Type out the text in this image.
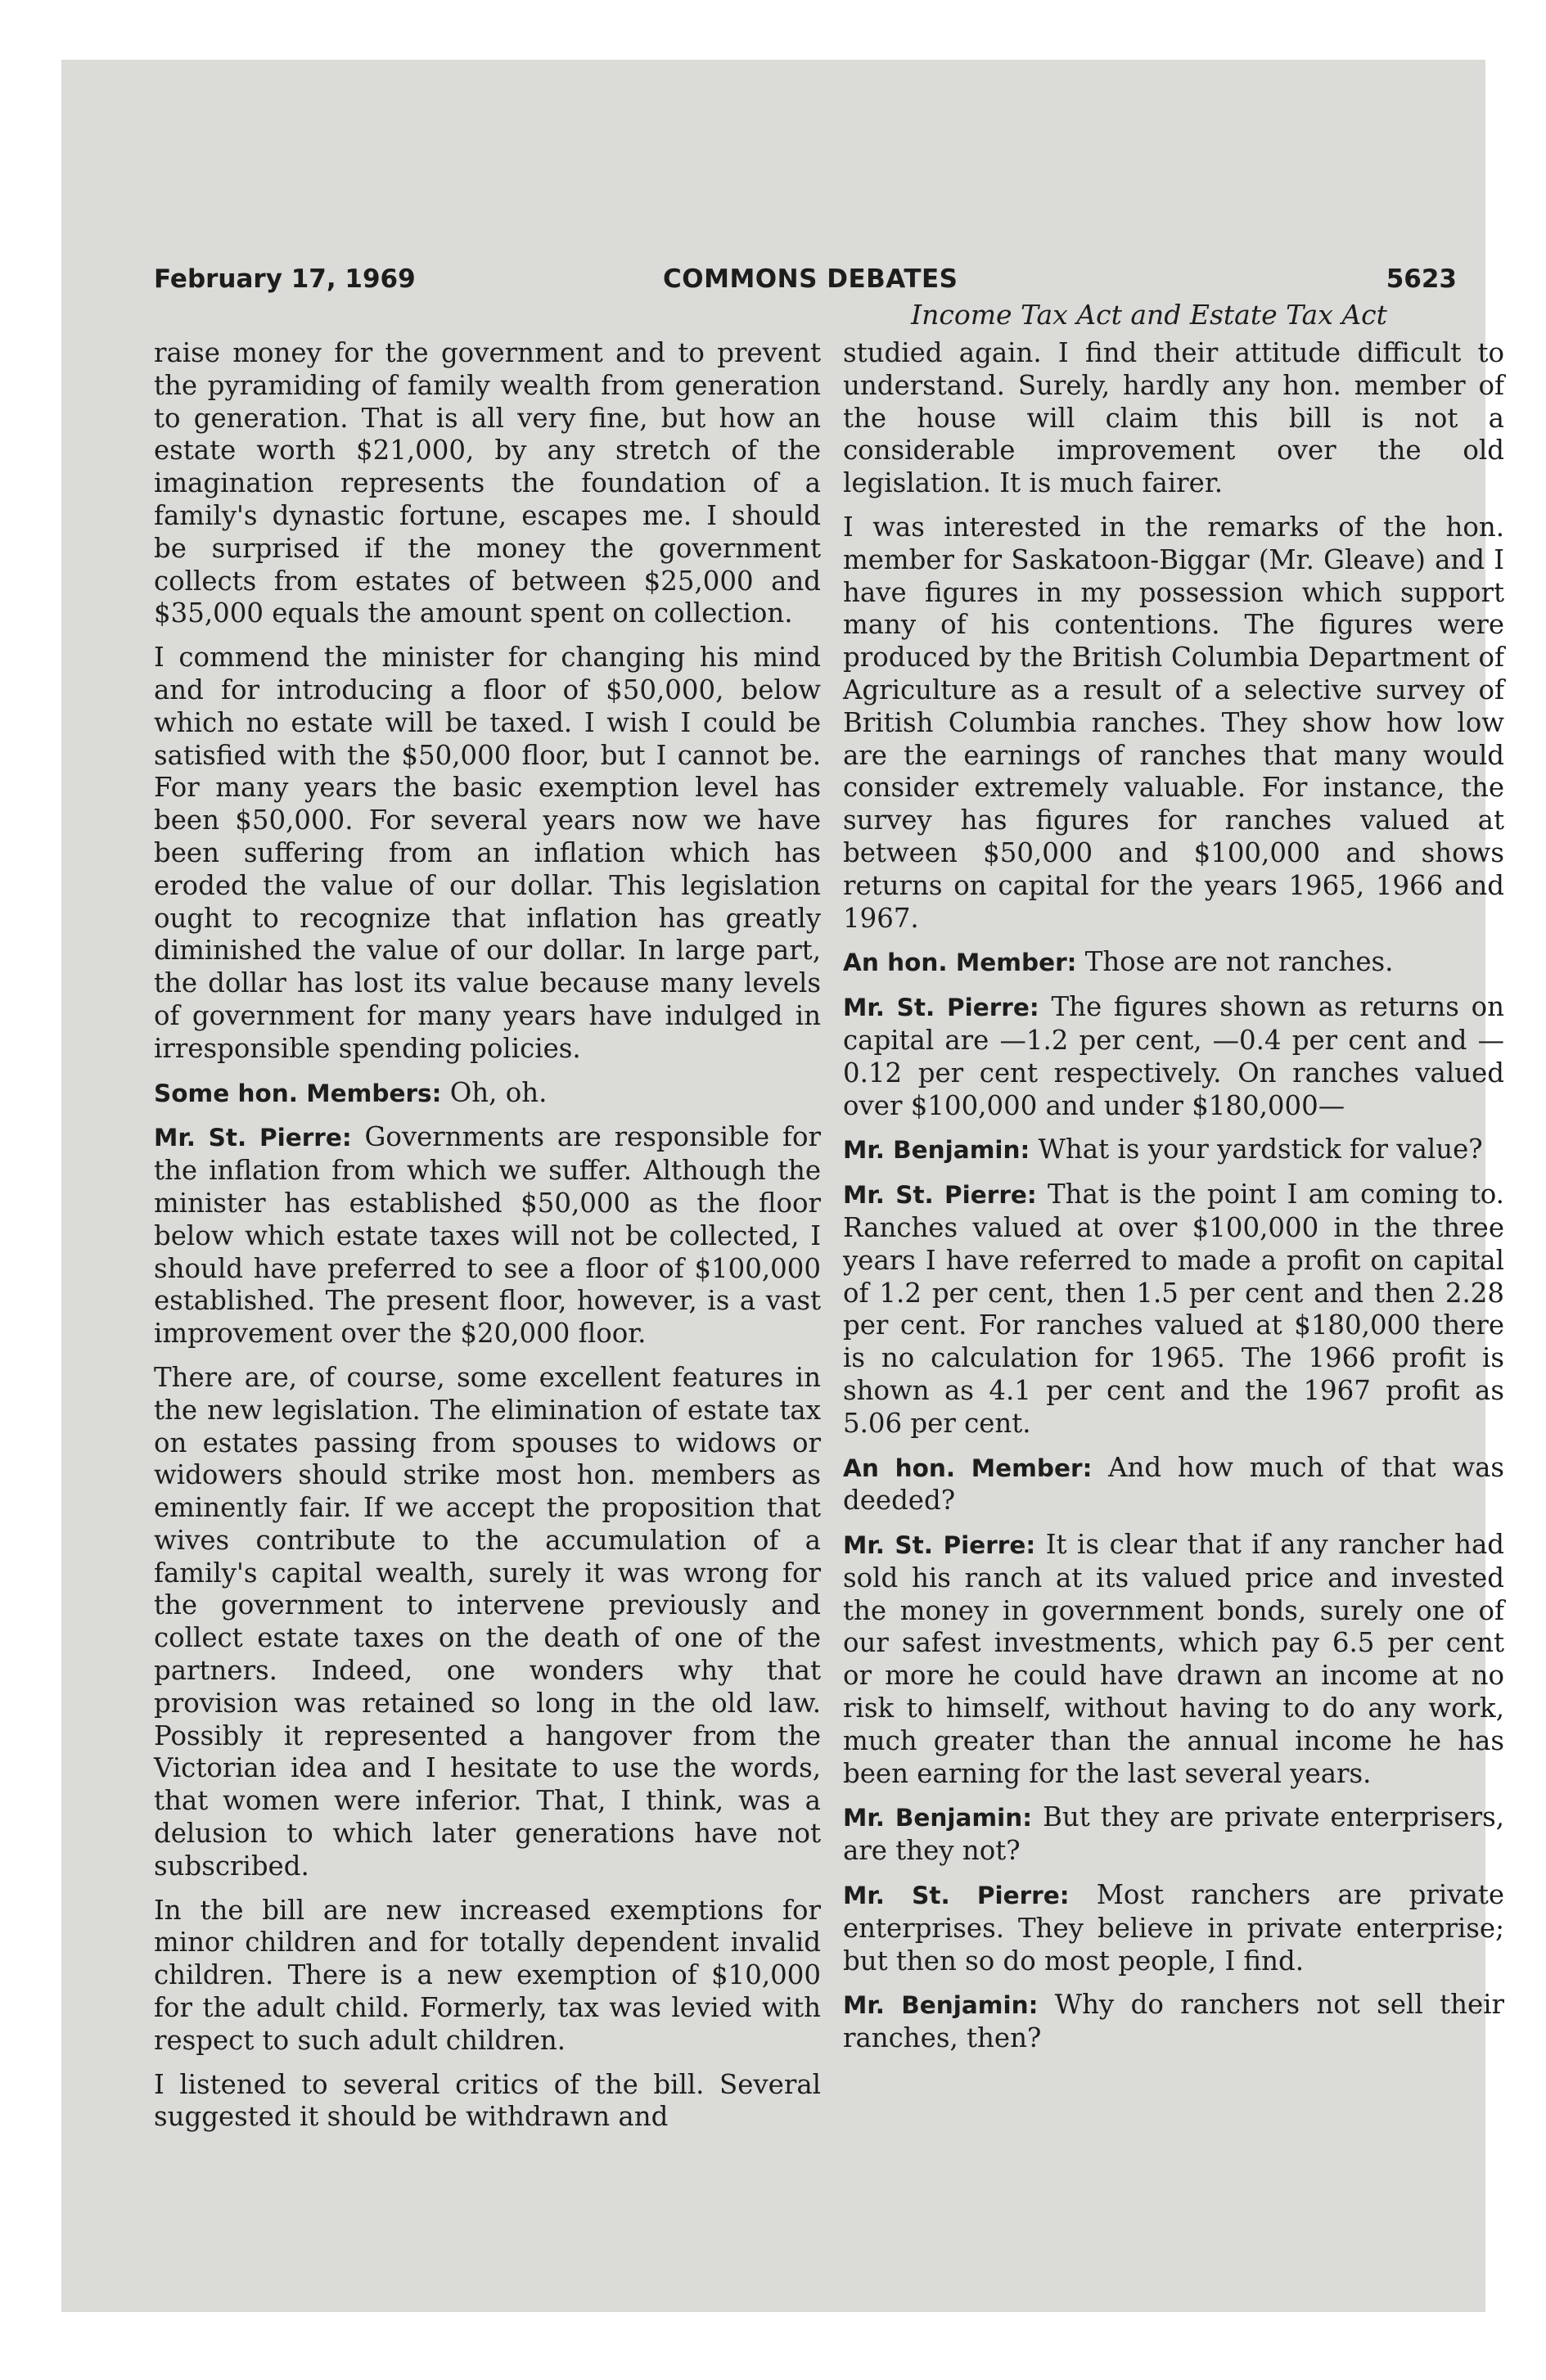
February 17, 1969	COMMONS DEBATES	5623
Income Tax Act and Estate Tax Act

raise money for the government and to prevent the pyramiding of family wealth from generation to generation. That is all very fine, but how an estate worth $21,000, by any stretch of the imagination represents the foundation of a family's dynastic fortune, escapes me. I should be surprised if the money the government collects from estates of between $25,000 and $35,000 equals the amount spent on collection.

I commend the minister for changing his mind and for introducing a floor of $50,000, below which no estate will be taxed. I wish I could be satisfied with the $50,000 floor, but I cannot be. For many years the basic exemption level has been $50,000. For several years now we have been suffering from an inflation which has eroded the value of our dollar. This legislation ought to recognize that inflation has greatly diminished the value of our dollar. In large part, the dollar has lost its value because many levels of government for many years have indulged in irresponsible spending policies.

Some hon. Members: Oh, oh.

Mr. St. Pierre: Governments are responsible for the inflation from which we suffer. Although the minister has established $50,000 as the floor below which estate taxes will not be collected, I should have preferred to see a floor of $100,000 established. The present floor, however, is a vast improvement over the $20,000 floor.

There are, of course, some excellent features in the new legislation. The elimination of estate tax on estates passing from spouses to widows or widowers should strike most hon. members as eminently fair. If we accept the proposition that wives contribute to the accumulation of a family's capital wealth, surely it was wrong for the government to intervene previously and collect estate taxes on the death of one of the partners. Indeed, one wonders why that provision was retained so long in the old law. Possibly it represented a hangover from the Victorian idea and I hesitate to use the words, that women were inferior. That, I think, was a delusion to which later generations have not subscribed.

In the bill are new increased exemptions for minor children and for totally dependent invalid children. There is a new exemption of $10,000 for the adult child. Formerly, tax was levied with respect to such adult children.

I listened to several critics of the bill. Several suggested it should be withdrawn and

studied again. I find their attitude difficult to understand. Surely, hardly any hon. member of the house will claim this bill is not a considerable improvement over the old legislation. It is much fairer.

I was interested in the remarks of the hon. member for Saskatoon-Biggar (Mr. Gleave) and I have figures in my possession which support many of his contentions. The figures were produced by the British Columbia Department of Agriculture as a result of a selective survey of British Columbia ranches. They show how low are the earnings of ranches that many would consider extremely valuable. For instance, the survey has figures for ranches valued at between $50,000 and $100,000 and shows returns on capital for the years 1965, 1966 and 1967.

An hon. Member: Those are not ranches.

Mr. St. Pierre: The figures shown as returns on capital are —1.2 per cent, —0.4 per cent and —0.12 per cent respectively. On ranches valued over $100,000 and under $180,000—

Mr. Benjamin: What is your yardstick for value?

Mr. St. Pierre: That is the point I am coming to. Ranches valued at over $100,000 in the three years I have referred to made a profit on capital of 1.2 per cent, then 1.5 per cent and then 2.28 per cent. For ranches valued at $180,000 there is no calculation for 1965. The 1966 profit is shown as 4.1 per cent and the 1967 profit as 5.06 per cent.

An hon. Member: And how much of that was deeded?

Mr. St. Pierre: It is clear that if any rancher had sold his ranch at its valued price and invested the money in government bonds, surely one of our safest investments, which pay 6.5 per cent or more he could have drawn an income at no risk to himself, without having to do any work, much greater than the annual income he has been earning for the last several years.

Mr. Benjamin: But they are private enterprisers, are they not?

Mr. St. Pierre: Most ranchers are private enterprises. They believe in private enterprise; but then so do most people, I find.

Mr. Benjamin: Why do ranchers not sell their ranches, then?
